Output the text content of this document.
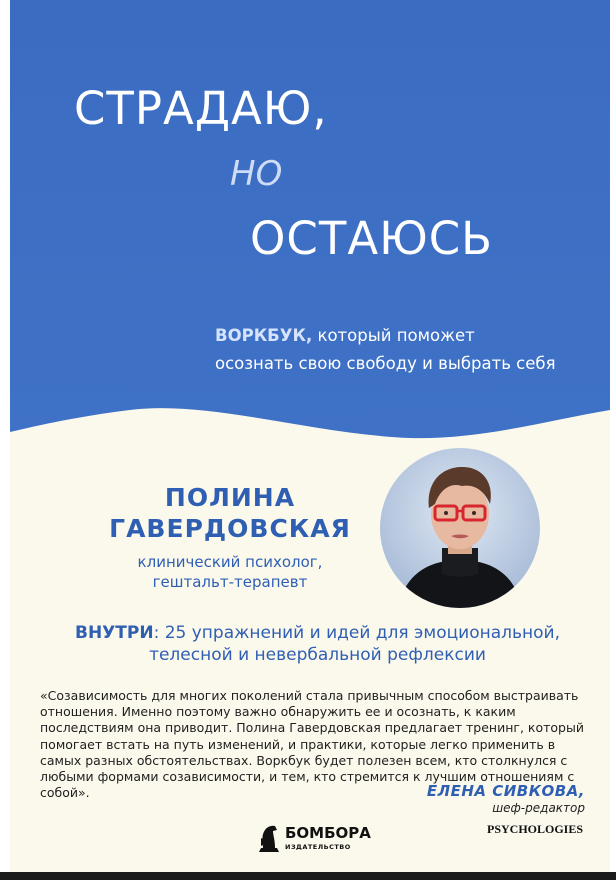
СТРАДАЮ,
НО
ОСТАЮСЬ
ВОРКБУК, который поможет
осознать свою свободу и выбрать себя
ПОЛИНА
ГАВЕРДОВСКАЯ
клинический психолог,
гештальт-терапевт
ВНУТРИ: 25 упражнений и идей для эмоциональной,
телесной и невербальной рефлексии
«Созависимость для многих поколений стала привычным способом выстраивать отношения. Именно поэтому важно обнаружить ее и осознать, к каким последствиям она приводит. Полина Гавердовская предлагает тренинг, который помогает встать на путь изменений, и практики, которые легко применить в самых разных обстоятельствах. Воркбук будет полезен всем, кто столкнулся с любыми формами созависимости, и тем, кто стремится к лучшим отношениям с собой».	ЕЛЕНА СИВКОВА,
шеф-редактор
БОМБОРА
ИЗДАТЕЛЬСТВО
PSYCHOLOGIES
